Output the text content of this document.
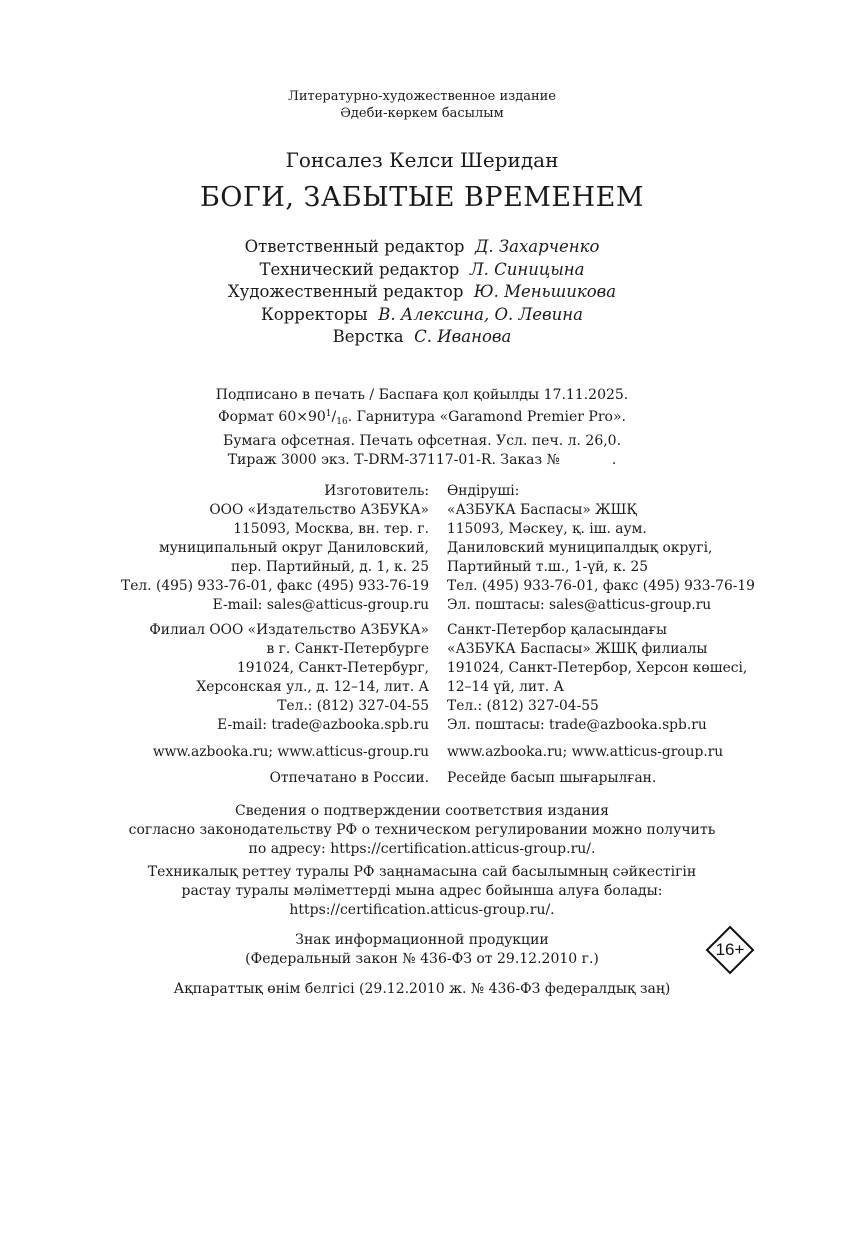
Литературно-художественное издание
Әдеби-көркем басылым
Гонсалез Келси Шеридан
БОГИ, ЗАБЫТЫЕ ВРЕМЕНЕМ
Ответственный редактор Д. Захарченко
Технический редактор Л. Синицына
Художественный редактор Ю. Меньшикова
Корректоры В. Алексина, О. Левина
Верстка С. Иванова
Подписано в печать / Баспаға қол қойылды 17.11.2025.
Формат $60\times 90^1/_{16}$. Гарнитура «Garamond Premier Pro».
Бумага офсетная. Печать офсетная. Усл. печ. л. 26,0.
Тираж 3000 экз. Т-DRM-37117-01-R. Заказ №	.
Изготовитель:
ООО «Издательство АЗБУКА»
115093, Москва, вн. тер. г.
муниципальный округ Даниловский,
пер. Партийный, д. 1, к. 25
Тел. (495) 933-76-01, факс (495) 933-76-19
E-mail: sales@atticus-group.ru
Өндіруші:
«АЗБУКА Баспасы» ЖШҚ
115093, Мәскеу, қ. іш. аум.
Даниловский муниципалдық округі,
Партийный т.ш., 1-үй, к. 25
Тел. (495) 933-76-01, факс (495) 933-76-19
Эл. поштасы: sales@atticus-group.ru
Филиал ООО «Издательство АЗБУКА»
в г. Санкт-Петербурге
191024, Санкт-Петербург,
Херсонская ул., д. 12–14, лит. А
Тел.: (812) 327-04-55
E-mail: trade@azbooka.spb.ru
Санкт-Петербор қаласындағы
«АЗБУКА Баспасы» ЖШҚ филиалы
191024, Санкт-Петербор, Херсон көшесі,
12–14 үй, лит. А
Тел.: (812) 327-04-55
Эл. поштасы: trade@azbooka.spb.ru
www.azbooka.ru; www.atticus-group.ru www.azbooka.ru; www.atticus-group.ru
Отпечатано в России. Ресейде басып шығарылған.
Сведения о подтверждении соответствия издания
согласно законодательству РФ о техническом регулировании можно получить
по адресу: https://certification.atticus-group.ru/.
Техникалық реттеу туралы РФ заңнамасына сай басылымның сәйкестігін
растау туралы мәліметтерді мына адрес бойынша алуға болады:
https://certification.atticus-group.ru/.
Знак информационной продукции
(Федеральный закон № 436-ФЗ от 29.12.2010 г.)
Ақпараттық өнім белгісі (29.12.2010 ж. № 436-ФЗ федералдық заң)
16+
